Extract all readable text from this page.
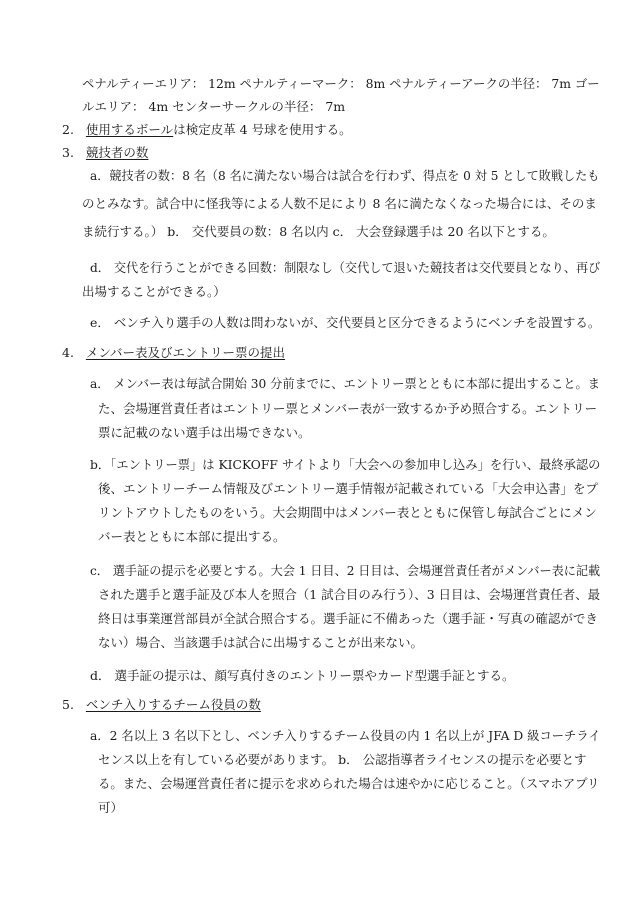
ペナルティーエリア： 12m ペナルティーマーク： 8m ペナルティーアークの半径： 7m ゴー
ルエリア： 4m センターサークルの半径： 7m
2. 使用するボールは検定皮革 4 号球を使用する。
3. 競技者の数
a．競技者の数：8 名（8 名に満たない場合は試合を行わず、得点を 0 対 5 として敗戦したも
のとみなす。試合中に怪我等による人数不足により 8 名に満たなくなった場合には、そのま
ま続行する。） b． 交代要員の数：8 名以内 c． 大会登録選手は 20 名以下とする。
d． 交代を行うことができる回数：制限なし（交代して退いた競技者は交代要員となり、再び
出場することができる。）
e． ベンチ入り選手の人数は問わないが、交代要員と区分できるようにベンチを設置する。
4. メンバー表及びエントリー票の提出
a． メンバー表は毎試合開始 30 分前までに、エントリー票とともに本部に提出すること。ま
た、会場運営責任者はエントリー票とメンバー表が一致するか予め照合する。エントリー
票に記載のない選手は出場できない。
b．「エントリー票」は KICKOFF サイトより「大会への参加申し込み」を行い、最終承認の
後、エントリーチーム情報及びエントリー選手情報が記載されている「大会申込書」をプ
リントアウトしたものをいう。大会期間中はメンバー表とともに保管し毎試合ごとにメン
バー表とともに本部に提出する。
c． 選手証の提示を必要とする。大会 1 日目、2 日目は、会場運営責任者がメンバー表に記載
された選手と選手証及び本人を照合（1 試合目のみ行う）、3 日目は、会場運営責任者、最
終日は事業運営部員が全試合照合する。選手証に不備あった（選手証・写真の確認ができ
ない）場合、当該選手は試合に出場することが出来ない。
d． 選手証の提示は、顔写真付きのエントリー票やカード型選手証とする。
5. ベンチ入りするチーム役員の数
a．2 名以上 3 名以下とし、ベンチ入りするチーム役員の内 1 名以上が JFA D 級コーチライ
センス以上を有している必要があります。 b． 公認指導者ライセンスの提示を必要とす
る。また、会場運営責任者に提示を求められた場合は速やかに応じること。（スマホアプリ
可）
